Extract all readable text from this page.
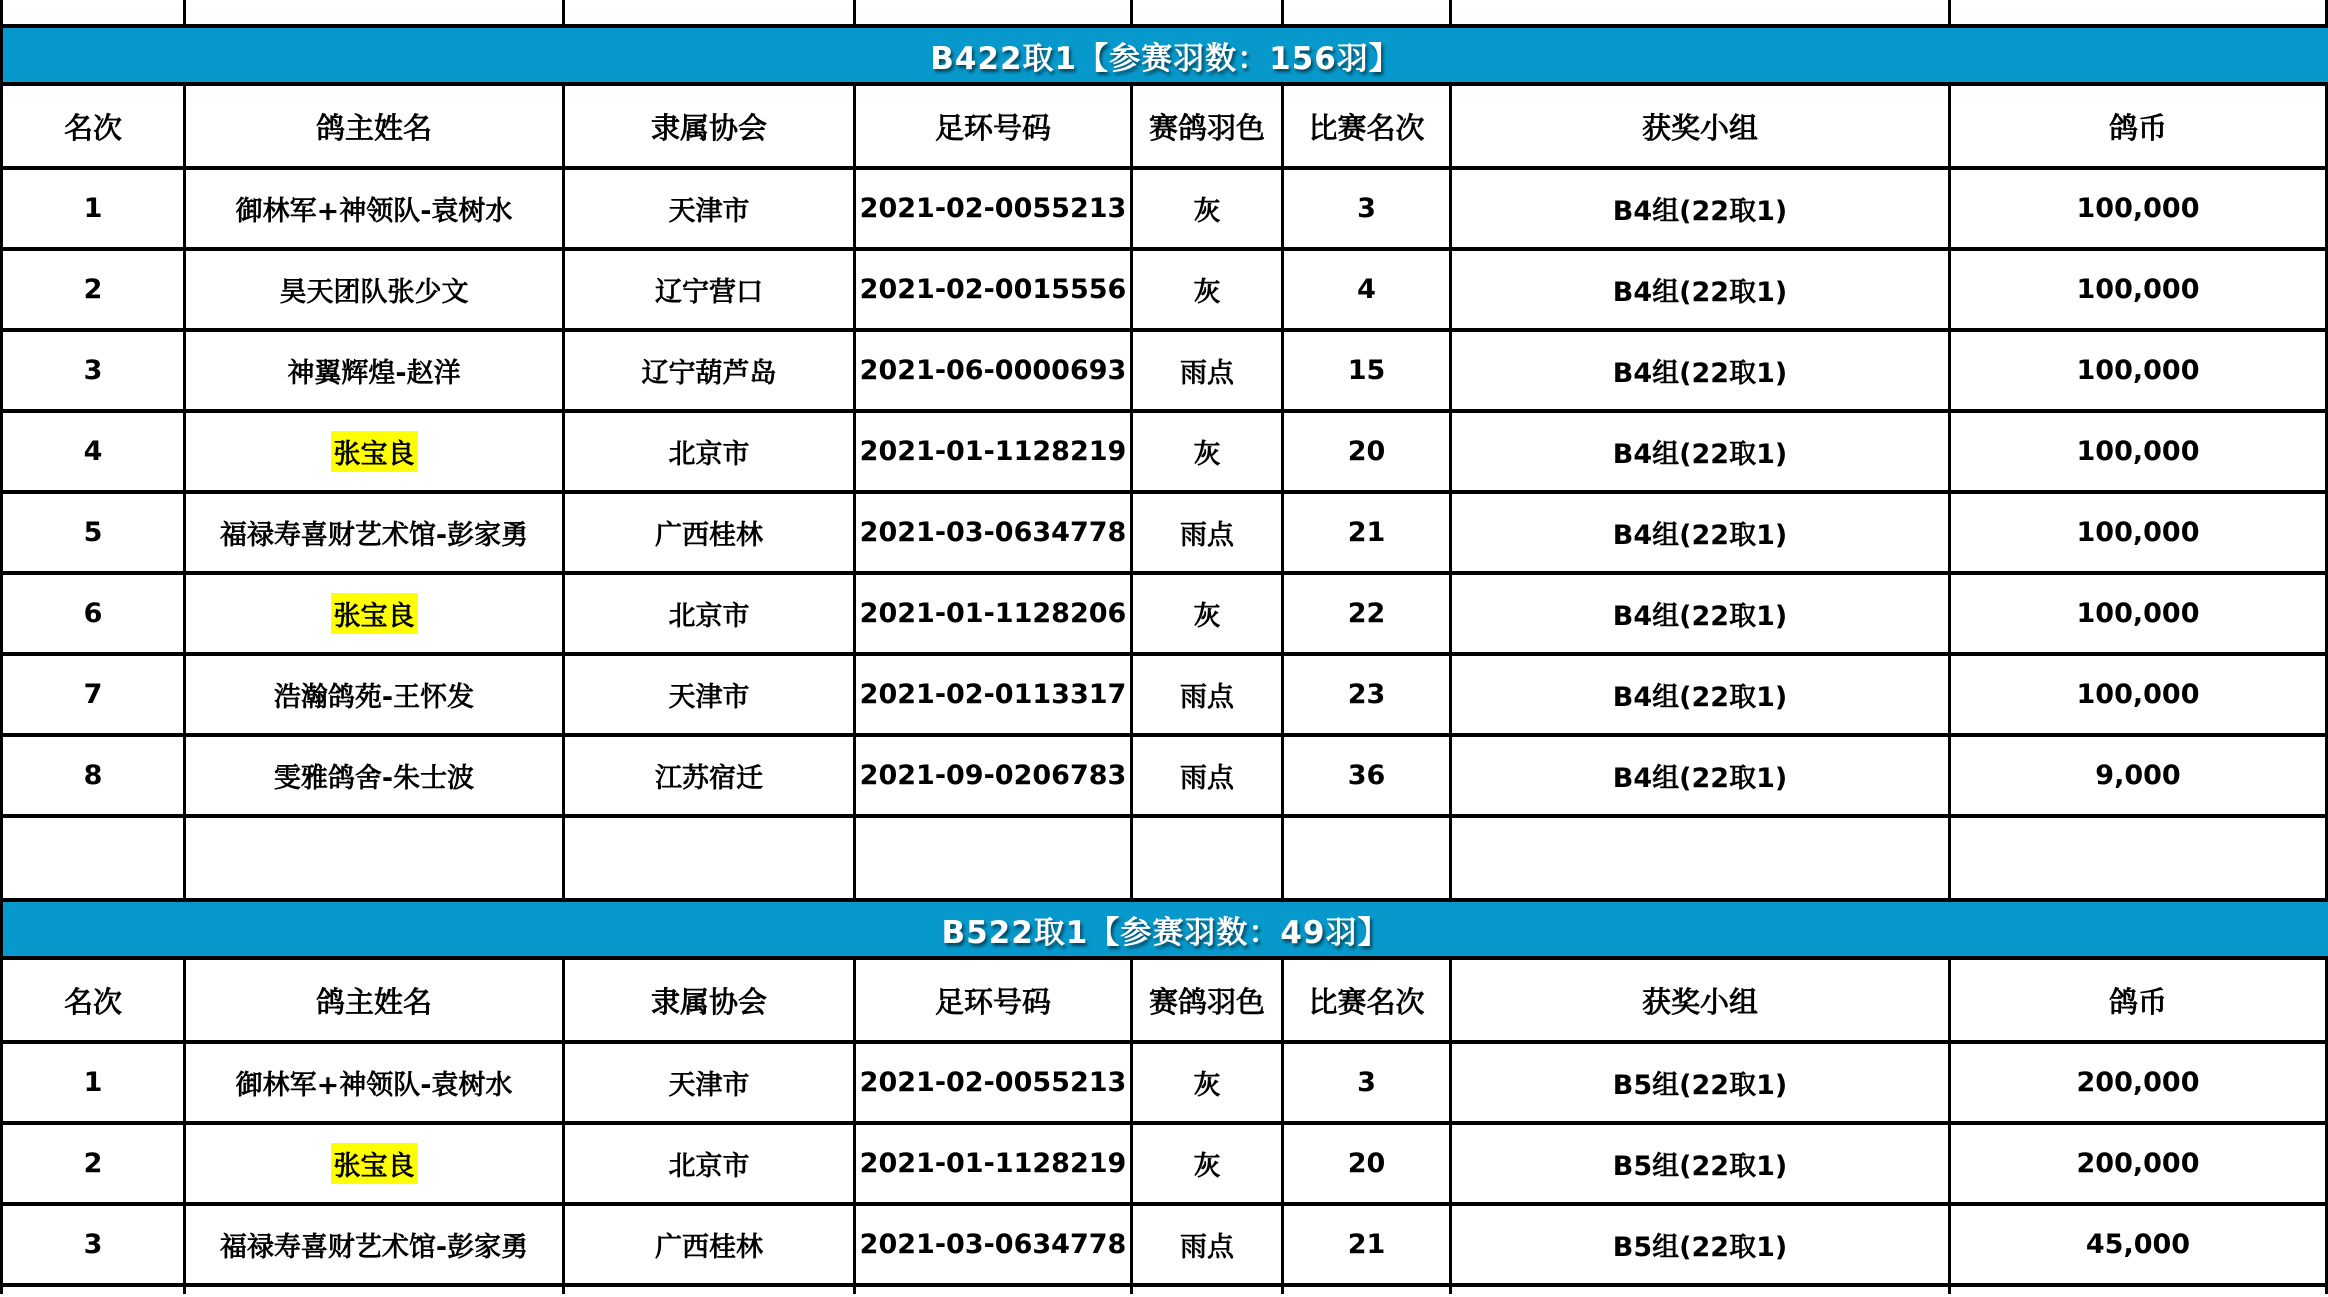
B422取1【参赛羽数：156羽】
名次	鸽主姓名	隶属协会	足环号码	赛鸽羽色	比赛名次	获奖小组	鸽币
1	御林军+神领队-袁树水	天津市	2021-02-0055213	灰	3	B4组(22取1)	100,000
2	昊天团队张少文	辽宁营口	2021-02-0015556	灰	4	B4组(22取1)	100,000
3	神翼辉煌-赵洋	辽宁葫芦岛	2021-06-0000693	雨点	15	B4组(22取1)	100,000
4	张宝良	北京市	2021-01-1128219	灰	20	B4组(22取1)	100,000
5	福禄寿喜财艺术馆-彭家勇	广西桂林	2021-03-0634778	雨点	21	B4组(22取1)	100,000
6	张宝良	北京市	2021-01-1128206	灰	22	B4组(22取1)	100,000
7	浩瀚鸽苑-王怀发	天津市	2021-02-0113317	雨点	23	B4组(22取1)	100,000
8	雯雅鸽舍-朱士波	江苏宿迁	2021-09-0206783	雨点	36	B4组(22取1)	9,000
B522取1【参赛羽数：49羽】
名次	鸽主姓名	隶属协会	足环号码	赛鸽羽色	比赛名次	获奖小组	鸽币
1	御林军+神领队-袁树水	天津市	2021-02-0055213	灰	3	B5组(22取1)	200,000
2	张宝良	北京市	2021-01-1128219	灰	20	B5组(22取1)	200,000
3	福禄寿喜财艺术馆-彭家勇	广西桂林	2021-03-0634778	雨点	21	B5组(22取1)	45,000
